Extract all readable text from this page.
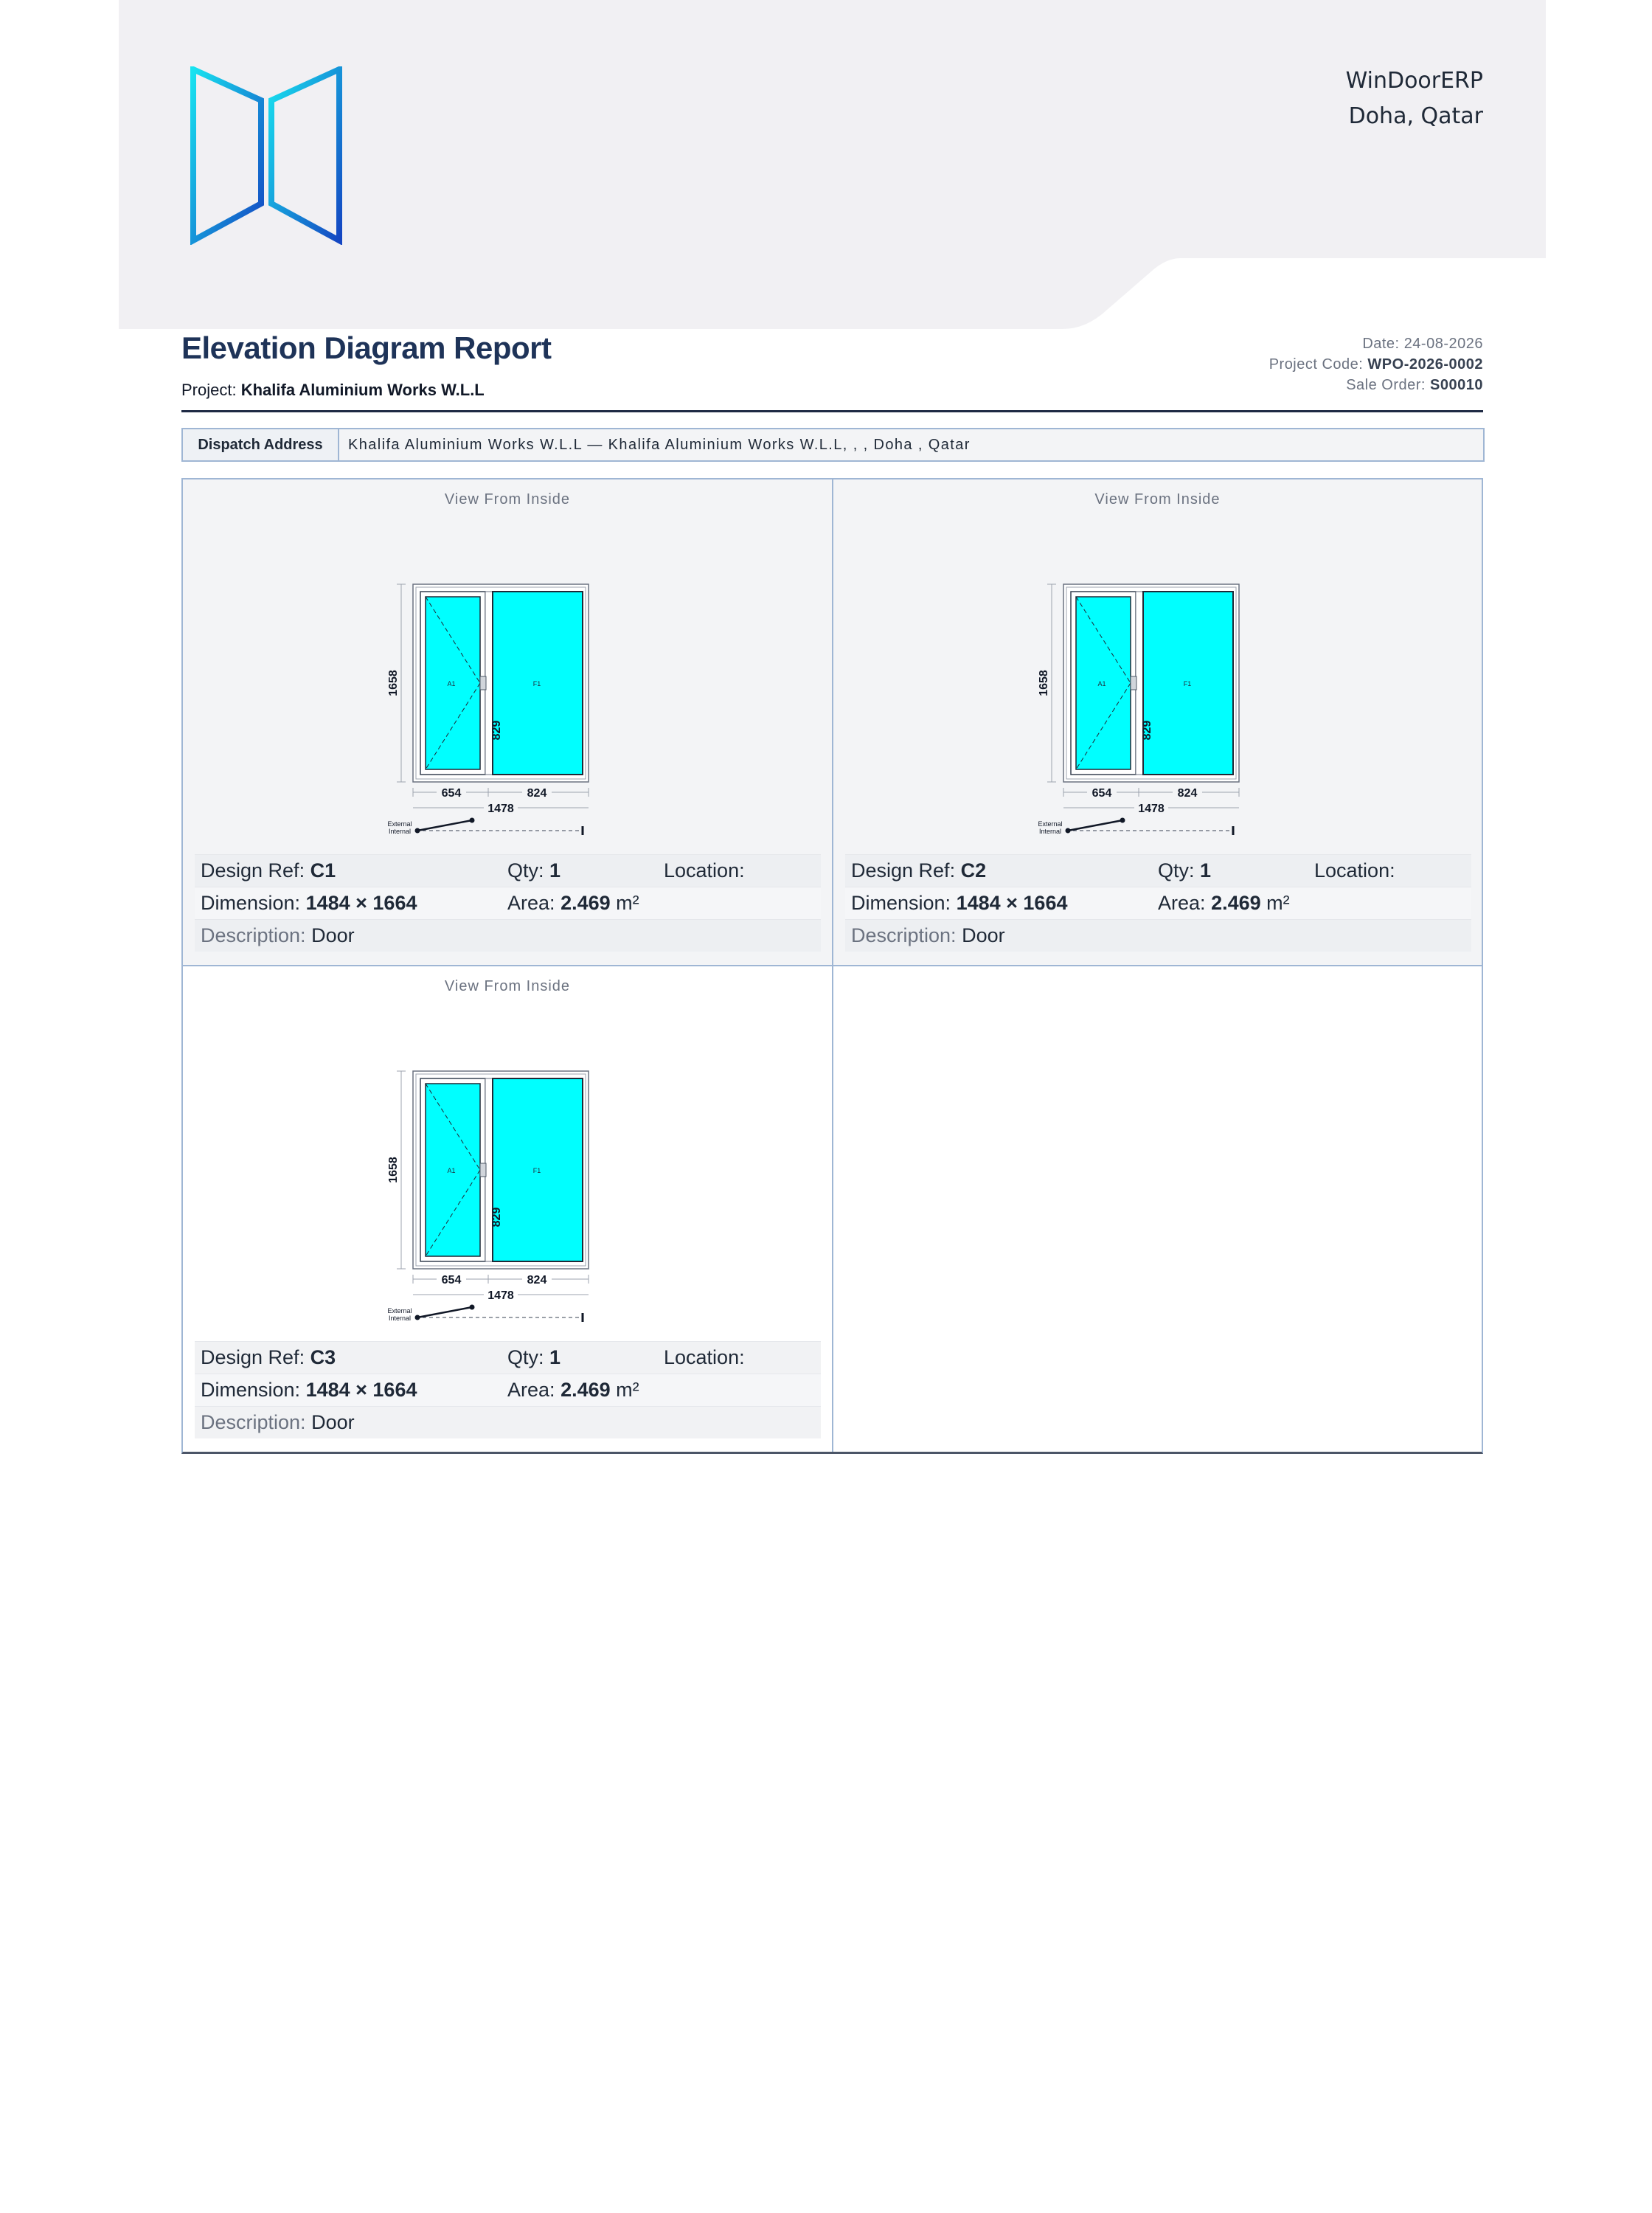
WinDoorERP
Doha, Qatar
Elevation Diagram Report
Project: Khalifa Aluminium Works W.L.L
Date: 24-08-2026
Project Code: WPO-2026-0002
Sale Order: S00010
Dispatch Address	Khalifa Aluminium Works W.L.L — Khalifa Aluminium Works W.L.L, , , Doha , Qatar
View From Inside
A1	F1
1658
829
654	824
1478
External
Internal
Design Ref: C1	Qty: 1	Location:
Dimension: 1484 × 1664	Area: 2.469 m²
Description: Door
View From Inside
A1	F1
1658
829
654	824
1478
External
Internal
Design Ref: C2	Qty: 1	Location:
Dimension: 1484 × 1664	Area: 2.469 m²
Description: Door
View From Inside
A1	F1
1658
829
654	824
1478
External
Internal
Design Ref: C3	Qty: 1	Location:
Dimension: 1484 × 1664	Area: 2.469 m²
Description: Door
